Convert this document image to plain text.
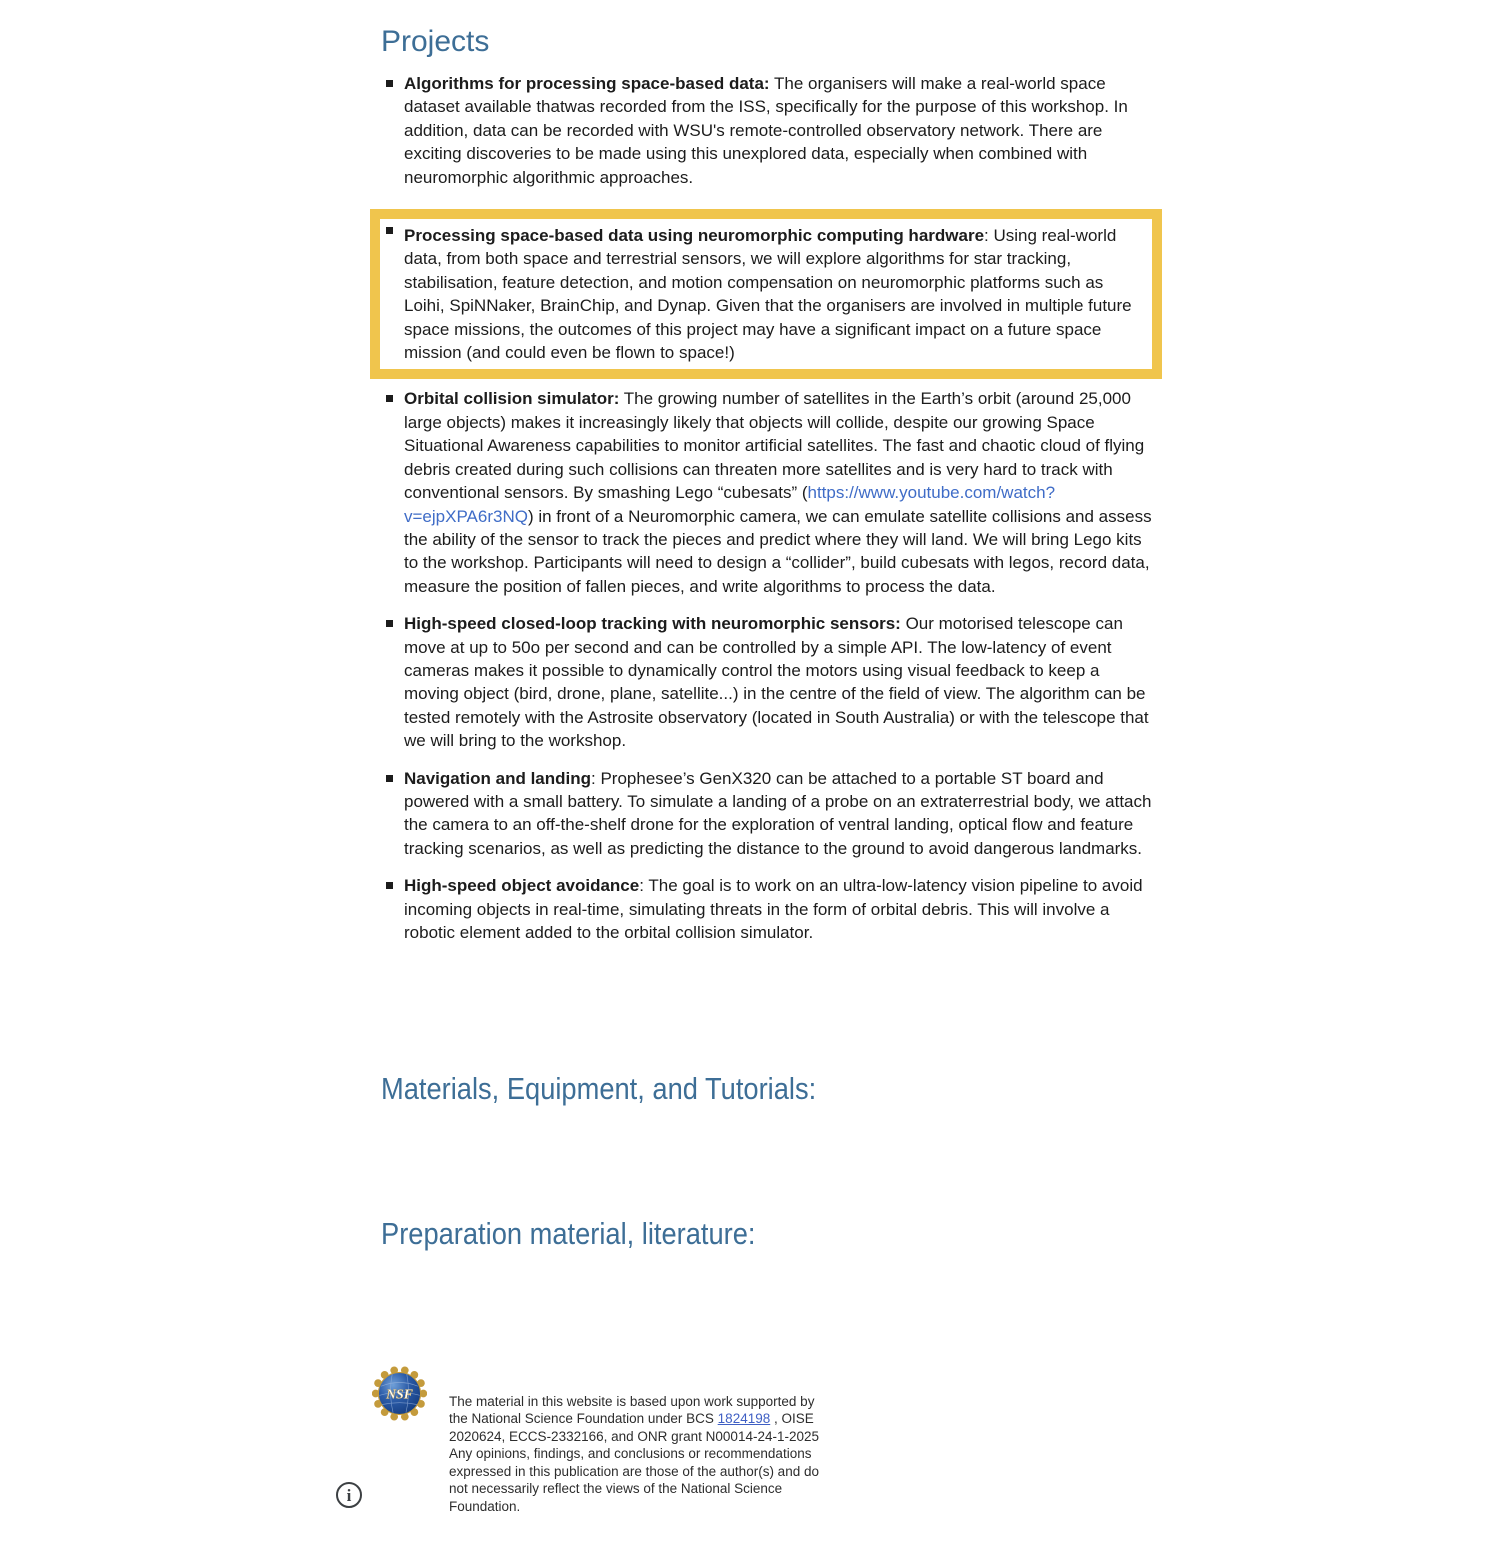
Projects
Algorithms for processing space-based data: The organisers will make a real-world space dataset available thatwas recorded from the ISS, specifically for the purpose of this workshop. In addition, data can be recorded with WSU's remote-controlled observatory network. There are exciting discoveries to be made using this unexplored data, especially when combined with neuromorphic algorithmic approaches.
Processing space-based data using neuromorphic computing hardware: Using real-world data, from both space and terrestrial sensors, we will explore algorithms for star tracking, stabilisation, feature detection, and motion compensation on neuromorphic platforms such as Loihi, SpiNNaker, BrainChip, and Dynap. Given that the organisers are involved in multiple future space missions, the outcomes of this project may have a significant impact on a future space mission (and could even be flown to space!)
Orbital collision simulator: The growing number of satellites in the Earth’s orbit (around 25,000 large objects) makes it increasingly likely that objects will collide, despite our growing Space Situational Awareness capabilities to monitor artificial satellites. The fast and chaotic cloud of flying debris created during such collisions can threaten more satellites and is very hard to track with conventional sensors. By smashing Lego “cubesats” (https://www.youtube.com/watch?v=ejpXPA6r3NQ) in front of a Neuromorphic camera, we can emulate satellite collisions and assess the ability of the sensor to track the pieces and predict where they will land. We will bring Lego kits to the workshop. Participants will need to design a “collider”, build cubesats with legos, record data, measure the position of fallen pieces, and write algorithms to process the data.
High-speed closed-loop tracking with neuromorphic sensors: Our motorised telescope can move at up to 50o per second and can be controlled by a simple API. The low-latency of event cameras makes it possible to dynamically control the motors using visual feedback to keep a moving object (bird, drone, plane, satellite...) in the centre of the field of view. The algorithm can be tested remotely with the Astrosite observatory (located in South Australia) or with the telescope that we will bring to the workshop.
Navigation and landing: Prophesee’s GenX320 can be attached to a portable ST board and powered with a small battery. To simulate a landing of a probe on an extraterrestrial body, we attach the camera to an off-the-shelf drone for the exploration of ventral landing, optical flow and feature tracking scenarios, as well as predicting the distance to the ground to avoid dangerous landmarks.
High-speed object avoidance: The goal is to work on an ultra-low-latency vision pipeline to avoid incoming objects in real-time, simulating threats in the form of orbital debris. This will involve a robotic element added to the orbital collision simulator.
Materials, Equipment, and Tutorials:
Preparation material, literature:
NSF	The material in this website is based upon work supported by the National Science Foundation under BCS 1824198 , OISE 2020624, ECCS-2332166, and ONR grant N00014-24-1-2025 Any opinions, findings, and conclusions or recommendations expressed in this publication are those of the author(s) and do not necessarily reflect the views of the National Science Foundation.

i
